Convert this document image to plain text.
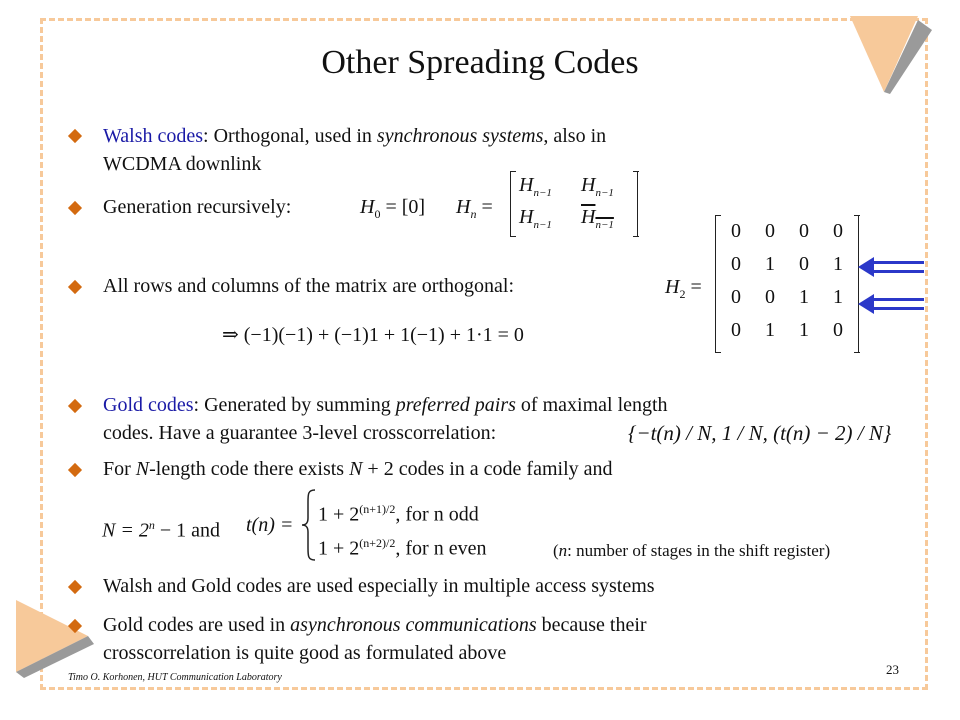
Other Spreading Codes
Walsh codes: Orthogonal, used in synchronous systems, also in
WCDMA downlink
Generation recursively:	$H_0 = [0] H_n$ =
$H_{n-1}$ $H_{n-1}$
$H_{n-1}$ $H_{n-1}$
All rows and columns of the matrix are orthogonal:	$H_2$ =
0 0 0 0
0 1 0 1
0 0 1 1
0 1 1 0
⇒ (−1)(−1) + (−1)1 + 1(−1) + 1·1 = 0
Gold codes: Generated by summing preferred pairs of maximal length
codes. Have a guarantee 3-level crosscorrelation:	{−t(n) / N, 1 / N, (t(n) − 2) / N}
For N-length code there exists N + 2 codes in a code family and
$N = 2^n - 1$ and $t(n) = 1 + 2^{(n+1)/2}$, for n odd
$1 + 2^{(n+2)/2}$, for n even	(n: number of stages in the shift register)
Walsh and Gold codes are used especially in multiple access systems
Gold codes are used in asynchronous communications because their
crosscorrelation is quite good as formulated above
Timo O. Korhonen, HUT Communication Laboratory
23
